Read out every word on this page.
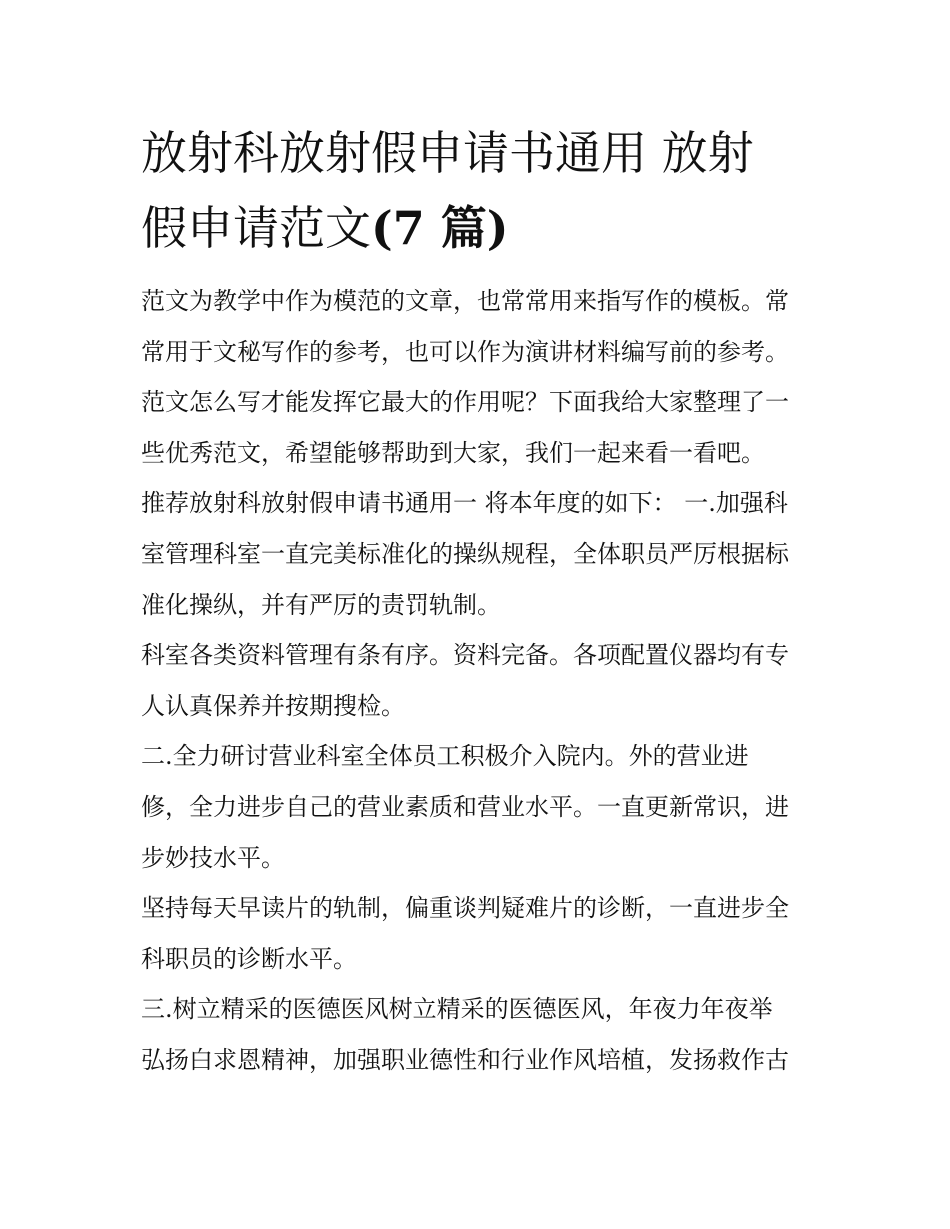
放射科放射假申请书通用 放射
假申请范文(7 篇)
范文为教学中作为模范的文章，也常常用来指写作的模板。常
常用于文秘写作的参考，也可以作为演讲材料编写前的参考。
范文怎么写才能发挥它最大的作用呢？下面我给大家整理了一
些优秀范文，希望能够帮助到大家，我们一起来看一看吧。
推荐放射科放射假申请书通用一 将本年度的如下： 一.加强科
室管理科室一直完美标准化的操纵规程，全体职员严厉根据标
准化操纵，并有严厉的责罚轨制。
科室各类资料管理有条有序。资料完备。各项配置仪器均有专
人认真保养并按期搜检。
二.全力研讨营业科室全体员工积极介入院内。外的营业进
修，全力进步自己的营业素质和营业水平。一直更新常识，进
步妙技水平。
坚持每天早读片的轨制，偏重谈判疑难片的诊断，一直进步全
科职员的诊断水平。
三.树立精采的医德医风树立精采的医德医风，年夜力年夜举
弘扬白求恩精神，加强职业德性和行业作风培植，发扬救作古
